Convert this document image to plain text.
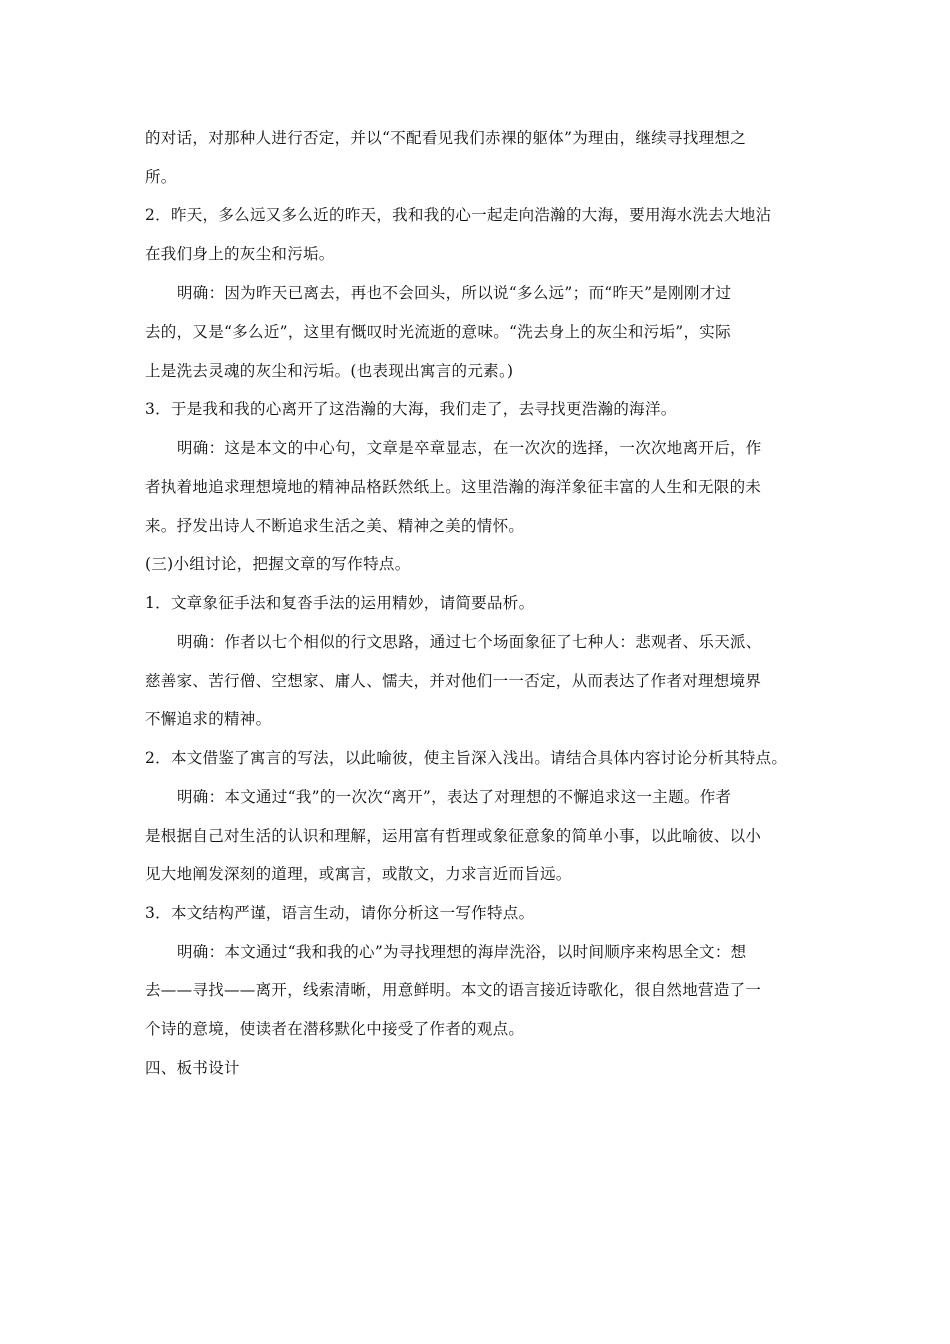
的对话，对那种人进行否定，并以“不配看见我们赤裸的躯体”为理由，继续寻找理想之
所。
2．昨天，多么远又多么近的昨天，我和我的心一起走向浩瀚的大海，要用海水洗去大地沾
在我们身上的灰尘和污垢。
明确：因为昨天已离去，再也不会回头，所以说“多么远”；而“昨天”是刚刚才过
去的，又是“多么近”，这里有慨叹时光流逝的意味。“洗去身上的灰尘和污垢”，实际
上是洗去灵魂的灰尘和污垢。(也表现出寓言的元素。)
3．于是我和我的心离开了这浩瀚的大海，我们走了，去寻找更浩瀚的海洋。
明确：这是本文的中心句，文章是卒章显志，在一次次的选择，一次次地离开后，作
者执着地追求理想境地的精神品格跃然纸上。这里浩瀚的海洋象征丰富的人生和无限的未
来。抒发出诗人不断追求生活之美、精神之美的情怀。
(三)小组讨论，把握文章的写作特点。
1．文章象征手法和复沓手法的运用精妙，请简要品析。
明确：作者以七个相似的行文思路，通过七个场面象征了七种人：悲观者、乐天派、
慈善家、苦行僧、空想家、庸人、懦夫，并对他们一一否定，从而表达了作者对理想境界
不懈追求的精神。
2．本文借鉴了寓言的写法，以此喻彼，使主旨深入浅出。请结合具体内容讨论分析其特点。
明确：本文通过“我”的一次次“离开”，表达了对理想的不懈追求这一主题。作者
是根据自己对生活的认识和理解，运用富有哲理或象征意象的简单小事，以此喻彼、以小
见大地阐发深刻的道理，或寓言，或散文，力求言近而旨远。
3．本文结构严谨，语言生动，请你分析这一写作特点。
明确：本文通过“我和我的心”为寻找理想的海岸洗浴，以时间顺序来构思全文：想
去——寻找——离开，线索清晰，用意鲜明。本文的语言接近诗歌化，很自然地营造了一
个诗的意境，使读者在潜移默化中接受了作者的观点。
四、板书设计
